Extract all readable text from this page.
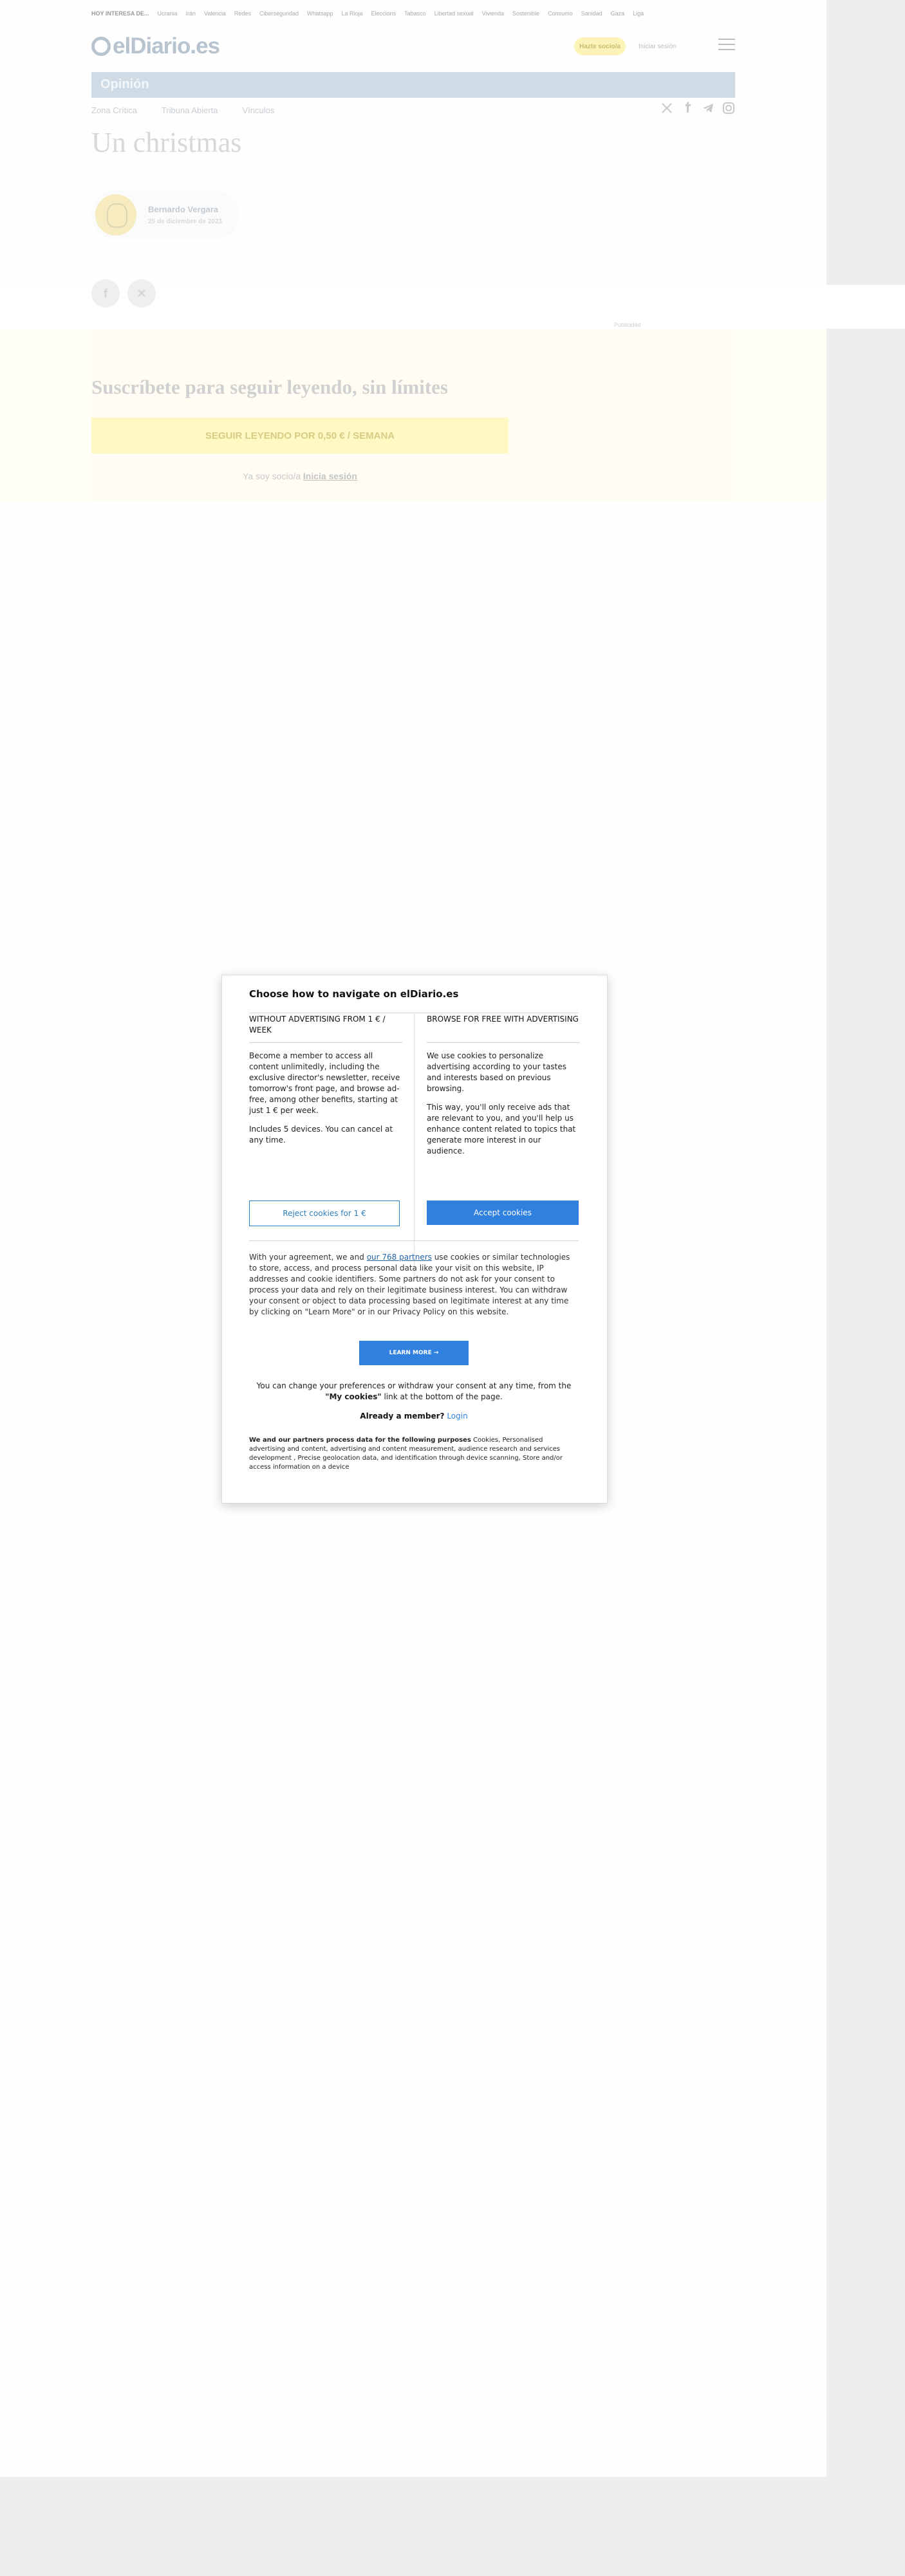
HOY INTERESA DE... Ucrania Irán Valencia Redes Ciberseguridad Whatsapp La Rioja Eleccions Tabasco Libertad sexual Vivienda Sostenible Consumo Sanidad Gaza Liga
elDiario.es	Hazte socio/a	Iniciar sesión
Opinión
Zona Crítica	Tribuna Abierta	Vínculos
Un christmas
Bernardo Vergara
25 de diciembre de 2023
f	✕
Suscríbete para seguir leyendo, sin límites
SEGUIR LEYENDO POR 0,50 € / SEMANA
Ya soy socio/a Inicia sesión
Publicidad
Choose how to navigate on elDiario.es
WITHOUT ADVERTISING FROM 1 € / WEEK

Become a member to access all content unlimitedly, including the exclusive director's newsletter, receive tomorrow's front page, and browse ad-free, among other benefits, starting at just 1 € per week.

Includes 5 devices. You can cancel at any time.

BROWSE FOR FREE WITH ADVERTISING

We use cookies to personalize advertising according to your tastes and interests based on previous browsing.

This way, you'll only receive ads that are relevant to you, and you'll help us enhance content related to topics that generate more interest in our audience.

Reject cookies for 1 €	Accept cookies
With your agreement, we and our 768 partners use cookies or similar technologies to store, access, and process personal data like your visit on this website, IP addresses and cookie identifiers. Some partners do not ask for your consent to process your data and rely on their legitimate business interest. You can withdraw your consent or object to data processing based on legitimate interest at any time by clicking on "Learn More" or in our Privacy Policy on this website.
LEARN MORE →
You can change your preferences or withdraw your consent at any time, from the "My cookies" link at the bottom of the page.
Already a member? Login
We and our partners process data for the following purposes Cookies, Personalised advertising and content, advertising and content measurement, audience research and services development , Precise geolocation data, and identification through device scanning, Store and/or access information on a device
